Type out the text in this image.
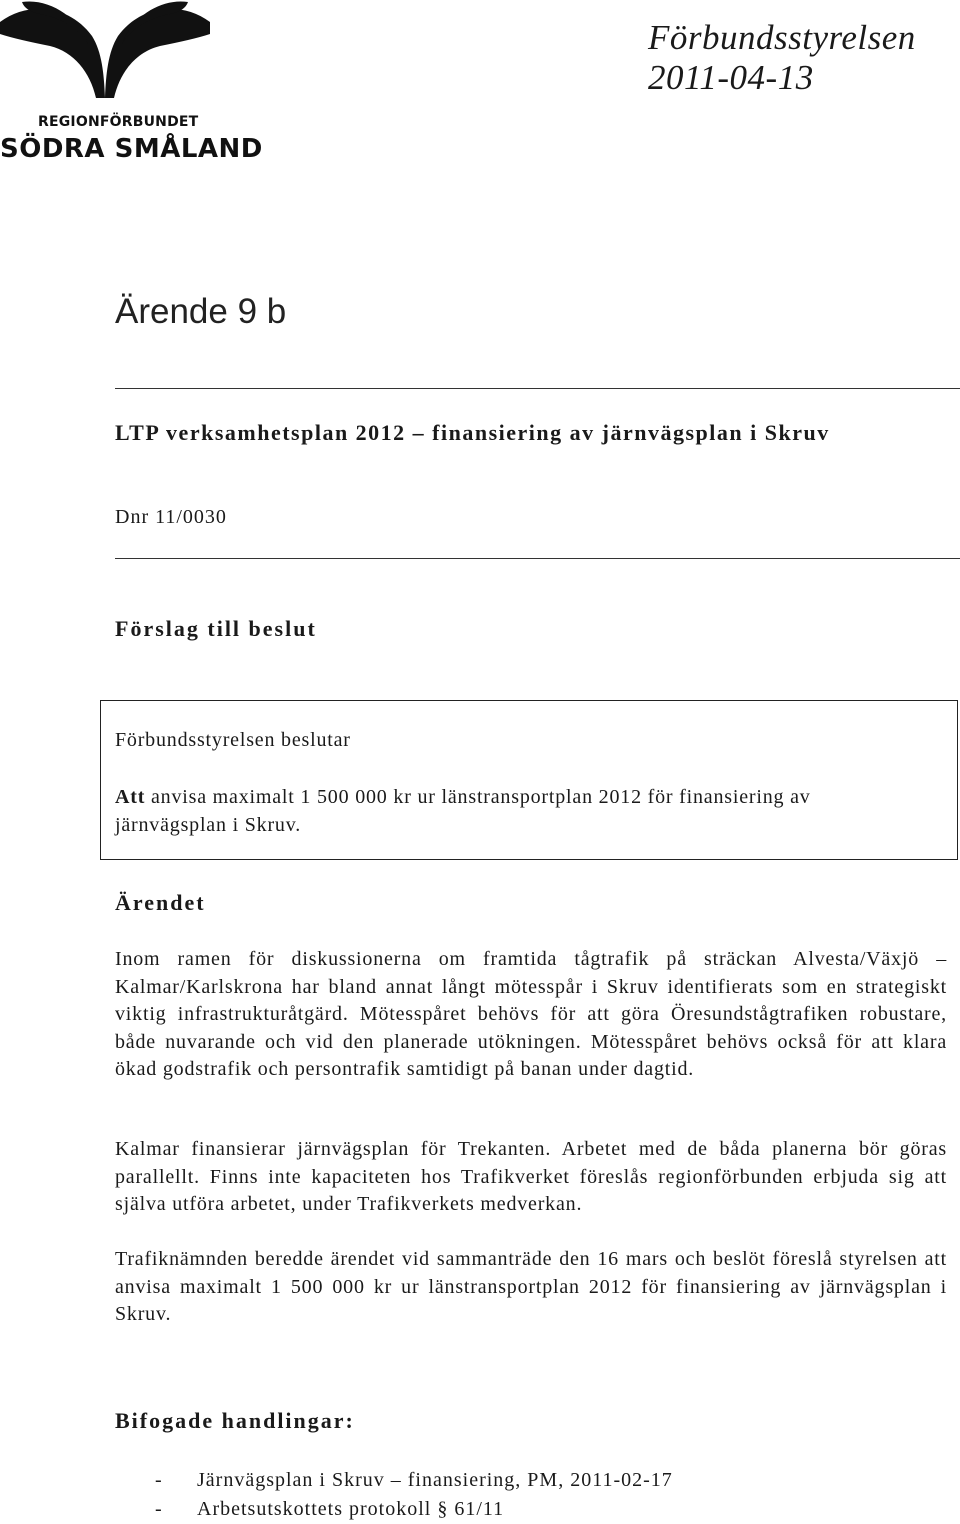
REGIONFÖRBUNDET
SÖDRA SMÅLAND
Förbundsstyrelsen
2011-04-13
Ärende 9 b
LTP verksamhetsplan 2012 – finansiering av järnvägsplan i Skruv
Dnr 11/0030
Förslag till beslut
Förbundsstyrelsen beslutar
Att anvisa maximalt 1 500 000 kr ur länstransportplan 2012 för finansiering av järnvägsplan i Skruv.
Ärendet
Inom ramen för diskussionerna om framtida tågtrafik på sträckan Alvesta/Växjö – Kalmar/Karlskrona har bland annat långt mötesspår i Skruv identifierats som en strategiskt viktig infrastrukturåtgärd. Mötesspåret behövs för att göra Öresundstågtrafiken robustare, både nuvarande och vid den planerade utökningen. Mötesspåret behövs också för att klara ökad godstrafik och persontrafik samtidigt på banan under dagtid.
Kalmar finansierar järnvägsplan för Trekanten. Arbetet med de båda planerna bör göras parallellt. Finns inte kapaciteten hos Trafikverket föreslås regionförbunden erbjuda sig att själva utföra arbetet, under Trafikverkets medverkan.
Trafiknämnden beredde ärendet vid sammanträde den 16 mars och beslöt föreslå styrelsen att anvisa maximalt 1 500 000 kr ur länstransportplan 2012 för finansiering av järnvägsplan i Skruv.
Bifogade handlingar:
- Järnvägsplan i Skruv – finansiering, PM, 2011-02-17
- Arbetsutskottets protokoll § 61/11
